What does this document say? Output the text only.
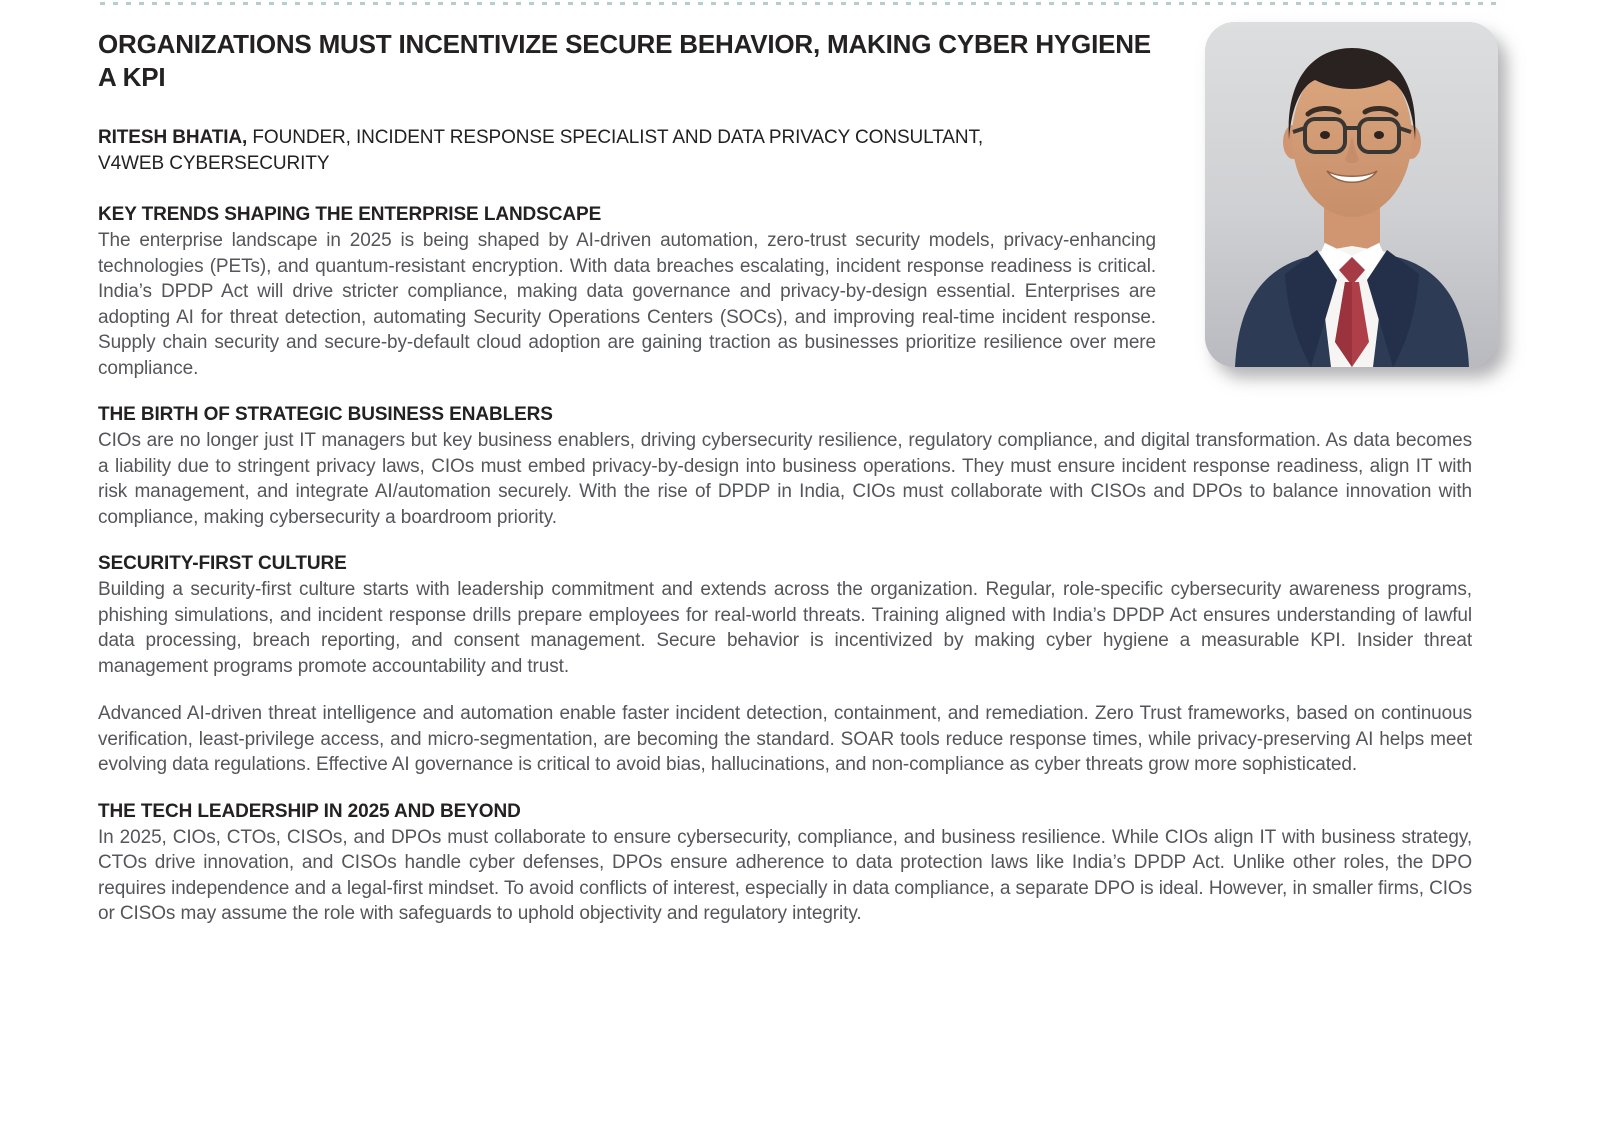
ORGANIZATIONS MUST INCENTIVIZE SECURE BEHAVIOR, MAKING CYBER HYGIENE
A KPI

RITESH BHATIA, FOUNDER, INCIDENT RESPONSE SPECIALIST AND DATA PRIVACY CONSULTANT,
V4WEB CYBERSECURITY

KEY TRENDS SHAPING THE ENTERPRISE LANDSCAPE

The enterprise landscape in 2025 is being shaped by AI-driven automation, zero-trust security models, privacy-enhancing technologies (PETs), and quantum-resistant encryption. With data breaches escalating, incident response readiness is critical. India’s DPDP Act will drive stricter compliance, making data governance and privacy-by-design essential. Enterprises are adopting AI for threat detection, automating Security Operations Centers (SOCs), and improving real-time incident response. Supply chain security and secure-by-default cloud adoption are gaining traction as businesses prioritize resilience over mere compliance.

THE BIRTH OF STRATEGIC BUSINESS ENABLERS

CIOs are no longer just IT managers but key business enablers, driving cybersecurity resilience, regulatory compliance, and digital transformation. As data becomes a liability due to stringent privacy laws, CIOs must embed privacy-by-design into business operations. They must ensure incident response readiness, align IT with risk management, and integrate AI/automation securely. With the rise of DPDP in India, CIOs must collaborate with CISOs and DPOs to balance innovation with compliance, making cybersecurity a boardroom priority.

SECURITY-FIRST CULTURE

Building a security-first culture starts with leadership commitment and extends across the organization. Regular, role-specific cybersecurity awareness programs, phishing simulations, and incident response drills prepare employees for real-world threats. Training aligned with India’s DPDP Act ensures understanding of lawful data processing, breach reporting, and consent management. Secure behavior is incentivized by making cyber hygiene a measurable KPI. Insider threat management programs promote accountability and trust.

Advanced AI-driven threat intelligence and automation enable faster incident detection, containment, and remediation. Zero Trust frameworks, based on continuous verification, least-privilege access, and micro-segmentation, are becoming the standard. SOAR tools reduce response times, while privacy-preserving AI helps meet evolving data regulations. Effective AI governance is critical to avoid bias, hallucinations, and non-compliance as cyber threats grow more sophisticated.

THE TECH LEADERSHIP IN 2025 AND BEYOND

In 2025, CIOs, CTOs, CISOs, and DPOs must collaborate to ensure cybersecurity, compliance, and business resilience. While CIOs align IT with business strategy, CTOs drive innovation, and CISOs handle cyber defenses, DPOs ensure adherence to data protection laws like India’s DPDP Act. Unlike other roles, the DPO requires independence and a legal-first mindset. To avoid conflicts of interest, especially in data compliance, a separate DPO is ideal. However, in smaller firms, CIOs or CISOs may assume the role with safeguards to uphold objectivity and regulatory integrity.
